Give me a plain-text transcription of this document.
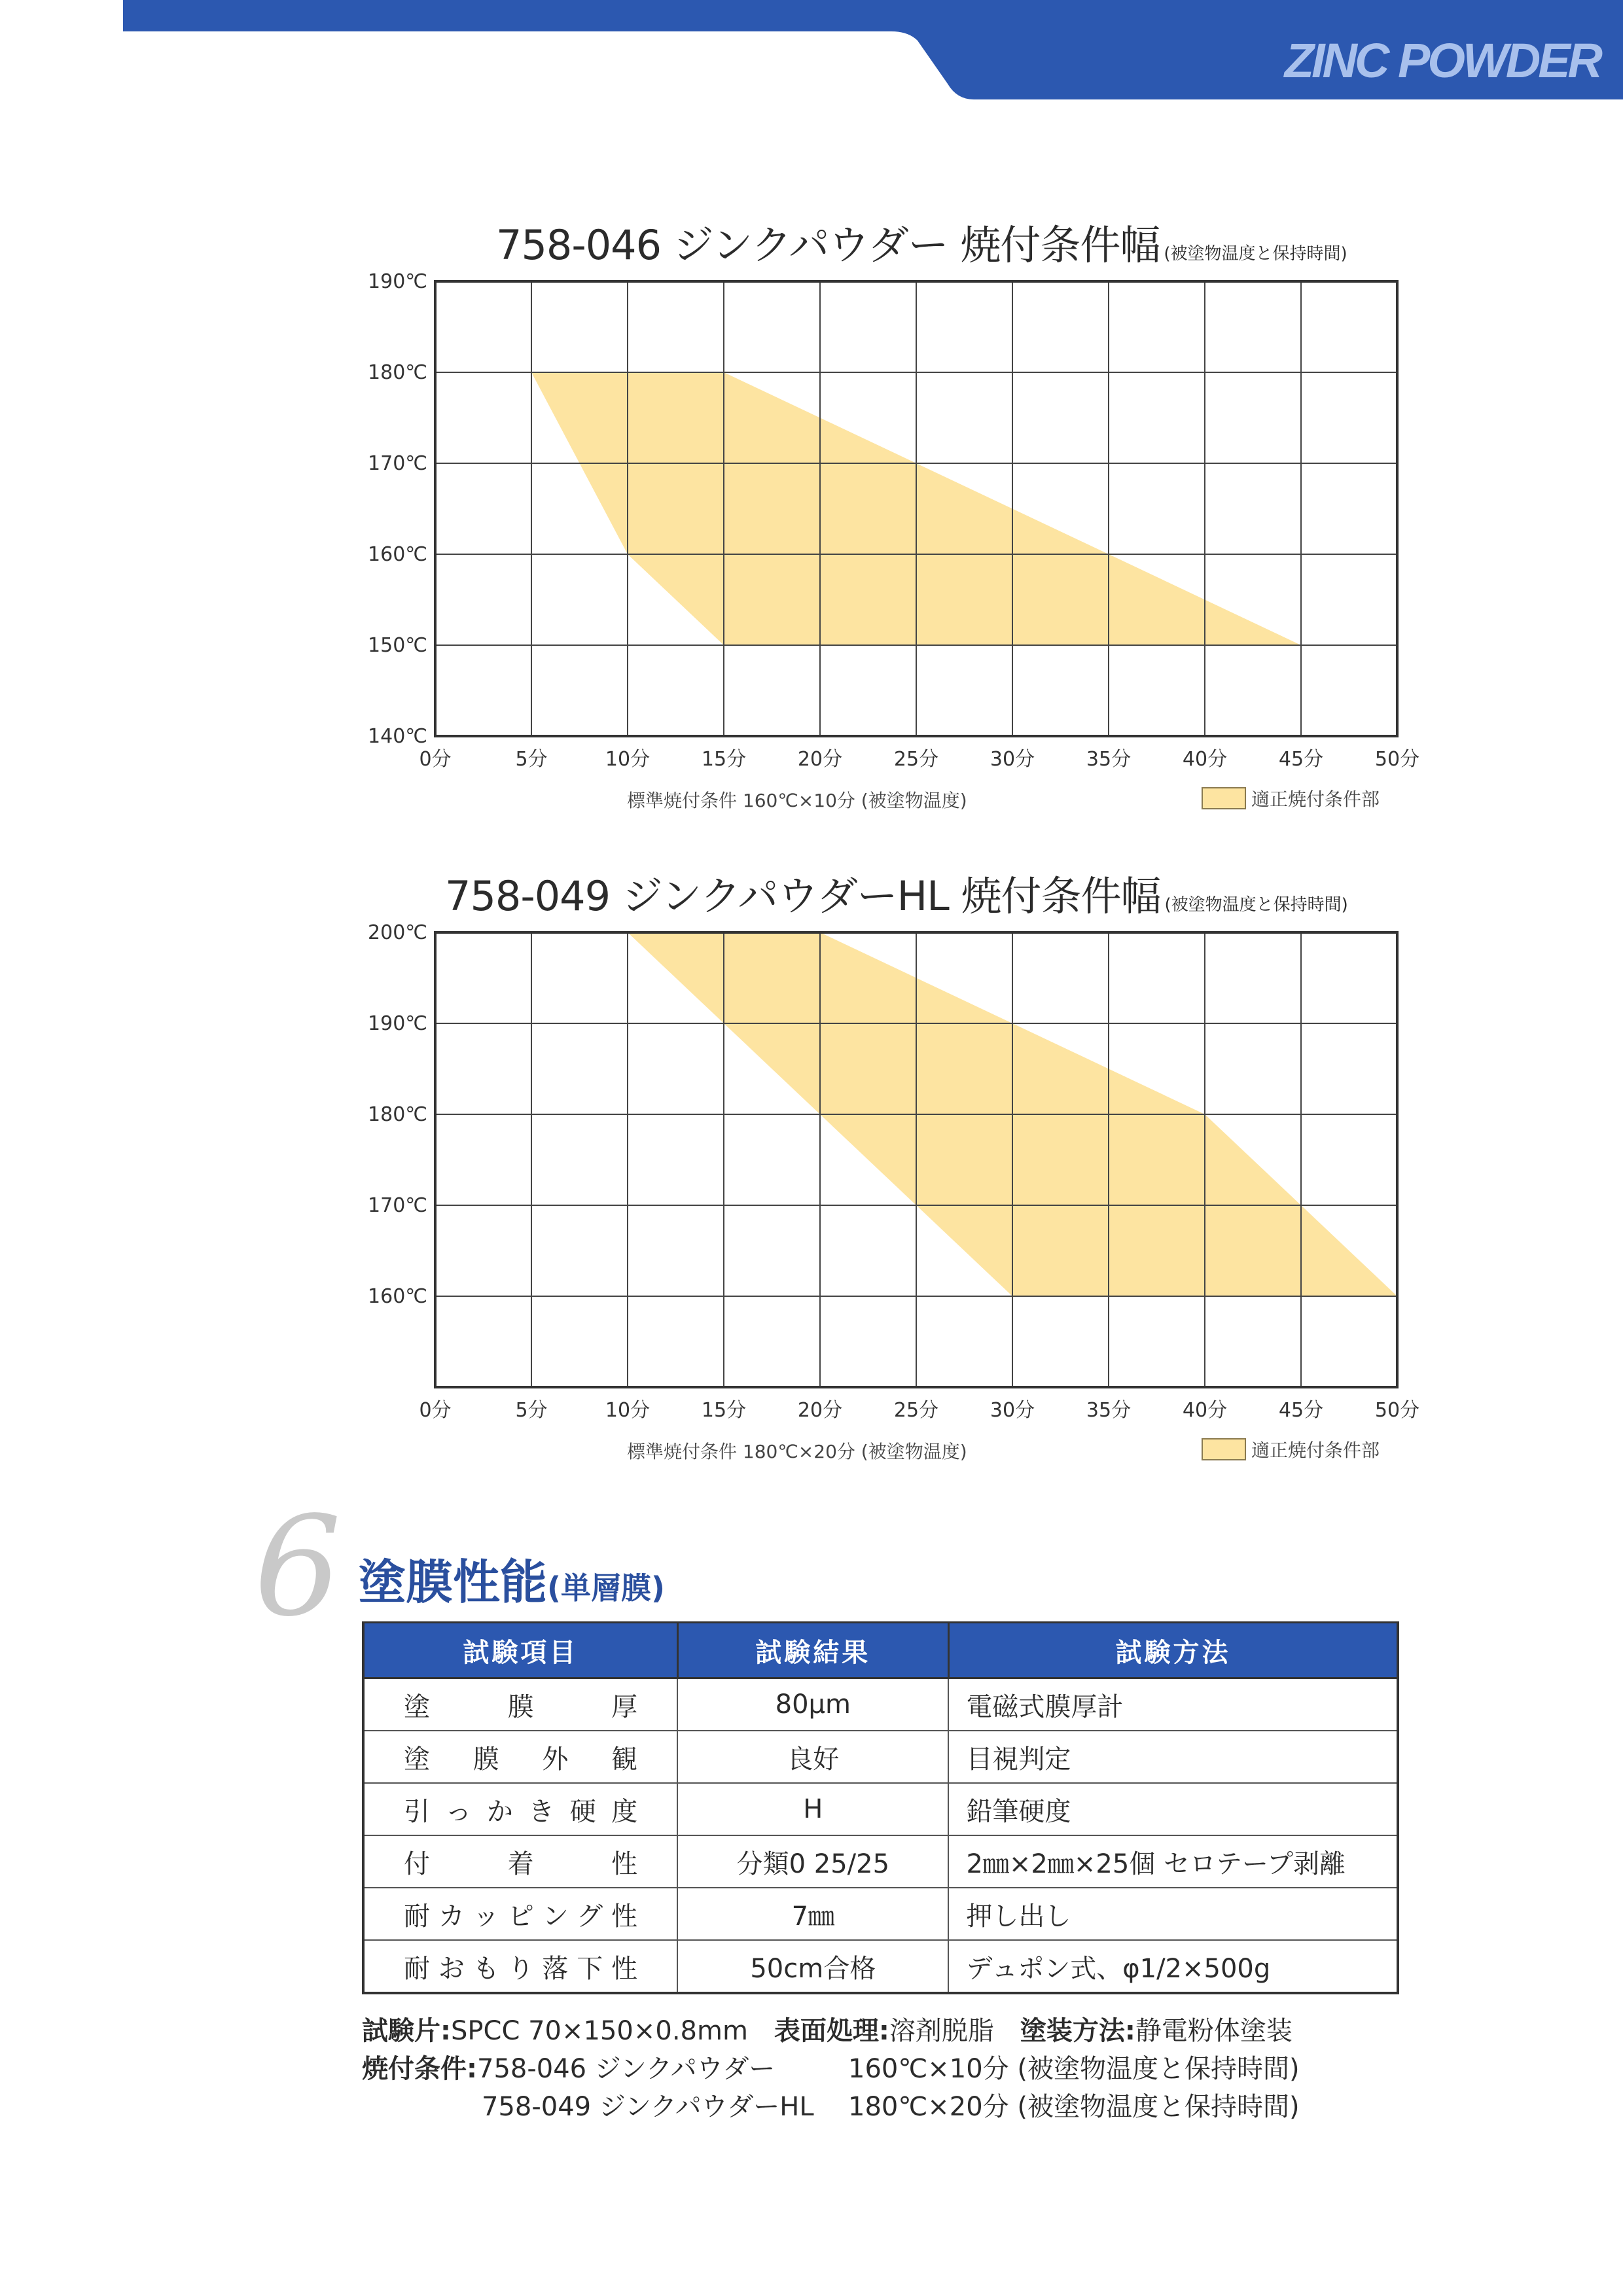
ZINC POWDER
758-046 ジンクパウダー 焼付条件幅 (被塗物温度と保持時間)
0分	5分	10分	15分	20分	25分	30分	35分	40分	45分	50分
140℃
150℃
160℃
170℃
180℃
190℃
標準焼付条件 160℃×10分 (被塗物温度)	適正焼付条件部
758-049 ジンクパウダーHL 焼付条件幅 (被塗物温度と保持時間)
0分	5分	10分	15分	20分	25分	30分	35分	40分	45分	50分
160℃
170℃
180℃
190℃
200℃
標準焼付条件 180℃×20分 (被塗物温度)	適正焼付条件部
6 塗膜性能(単層膜)
試験項目	試験結果	試験方法
塗膜厚	80μm	電磁式膜厚計
塗膜外観	良好	目視判定
引っかき硬度	H	鉛筆硬度
付着性	分類0 25/25	2㎜×2㎜×25個 セロテープ剥離
耐カッピング性	7㎜	押し出し
耐おもり落下性	50cm合格	デュポン式、φ1/2×500g
試験片:SPCC 70×150×0.8mm 表面処理:溶剤脱脂 塗装方法:静電粉体塗装
焼付条件:758-046 ジンクパウダー	160℃×10分 (被塗物温度と保持時間)
758-049 ジンクパウダーHL 180℃×20分 (被塗物温度と保持時間)
